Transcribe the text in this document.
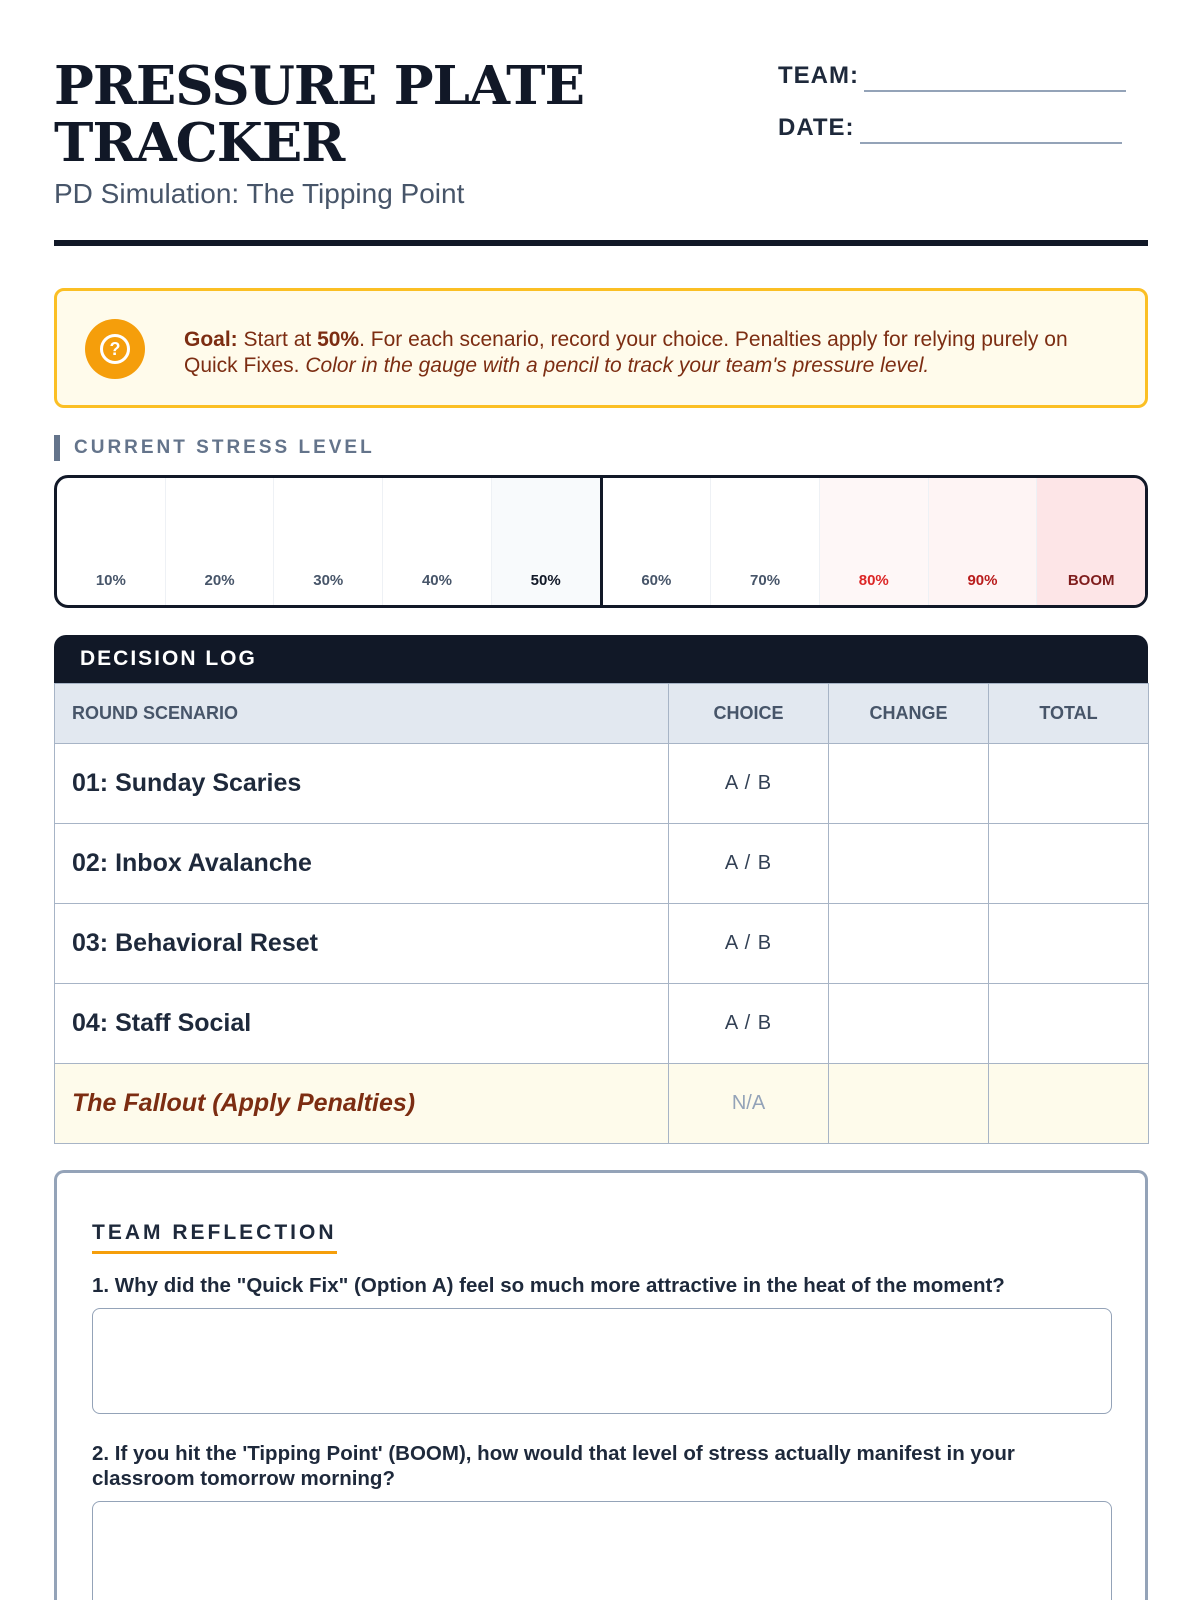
PRESSURE PLATE TRACKER
PD Simulation: The Tipping Point
TEAM:
DATE:
?	Goal: Start at 50%. For each scenario, record your choice. Penalties apply for relying purely on Quick Fixes. Color in the gauge with a pencil to track your team's pressure level.
CURRENT STRESS LEVEL
10%	20%	30%	40%	50%	60%	70%	80%	90%	BOOM
DECISION LOG
ROUND SCENARIO	CHOICE	CHANGE	TOTAL
01: Sunday Scaries	A / B		
02: Inbox Avalanche	A / B		
03: Behavioral Reset	A / B		
04: Staff Social	A / B		
The Fallout (Apply Penalties)	N/A		
TEAM REFLECTION
1. Why did the "Quick Fix" (Option A) feel so much more attractive in the heat of the moment?
2. If you hit the 'Tipping Point' (BOOM), how would that level of stress actually manifest in your classroom tomorrow morning?
